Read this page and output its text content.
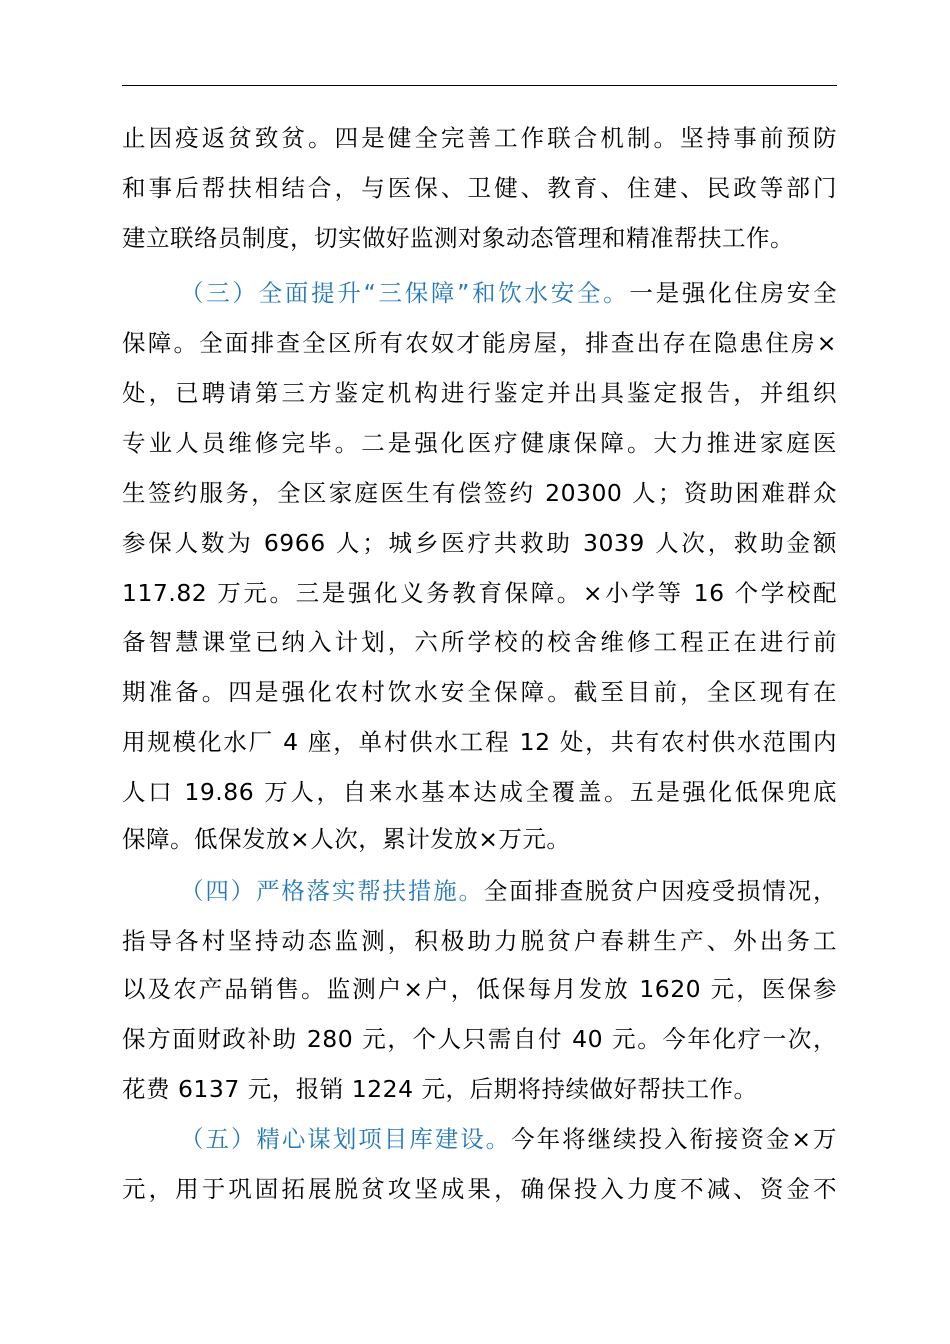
止因疫返贫致贫。四是健全完善工作联合机制。坚持事前预防

和事后帮扶相结合，与医保、卫健、教育、住建、民政等部门

建立联络员制度，切实做好监测对象动态管理和精准帮扶工作。

（三）全面提升“三保障”和饮水安全。一是强化住房安全

保障。全面排查全区所有农奴才能房屋，排查出存在隐患住房×

处，已聘请第三方鉴定机构进行鉴定并出具鉴定报告，并组织

专业人员维修完毕。二是强化医疗健康保障。大力推进家庭医

生签约服务，全区家庭医生有偿签约 20300 人；资助困难群众

参保人数为 6966 人；城乡医疗共救助 3039 人次，救助金额

117.82 万元。三是强化义务教育保障。×小学等 16 个学校配

备智慧课堂已纳入计划，六所学校的校舍维修工程正在进行前

期准备。四是强化农村饮水安全保障。截至目前，全区现有在

用规模化水厂 4 座，单村供水工程 12 处，共有农村供水范围内

人口 19.86 万人，自来水基本达成全覆盖。五是强化低保兜底

保障。低保发放×人次，累计发放×万元。

（四）严格落实帮扶措施。全面排查脱贫户因疫受损情况，

指导各村坚持动态监测，积极助力脱贫户春耕生产、外出务工

以及农产品销售。监测户×户，低保每月发放 1620 元，医保参

保方面财政补助 280 元，个人只需自付 40 元。今年化疗一次，

花费 6137 元，报销 1224 元，后期将持续做好帮扶工作。

（五）精心谋划项目库建设。今年将继续投入衔接资金×万

元，用于巩固拓展脱贫攻坚成果，确保投入力度不减、资金不
